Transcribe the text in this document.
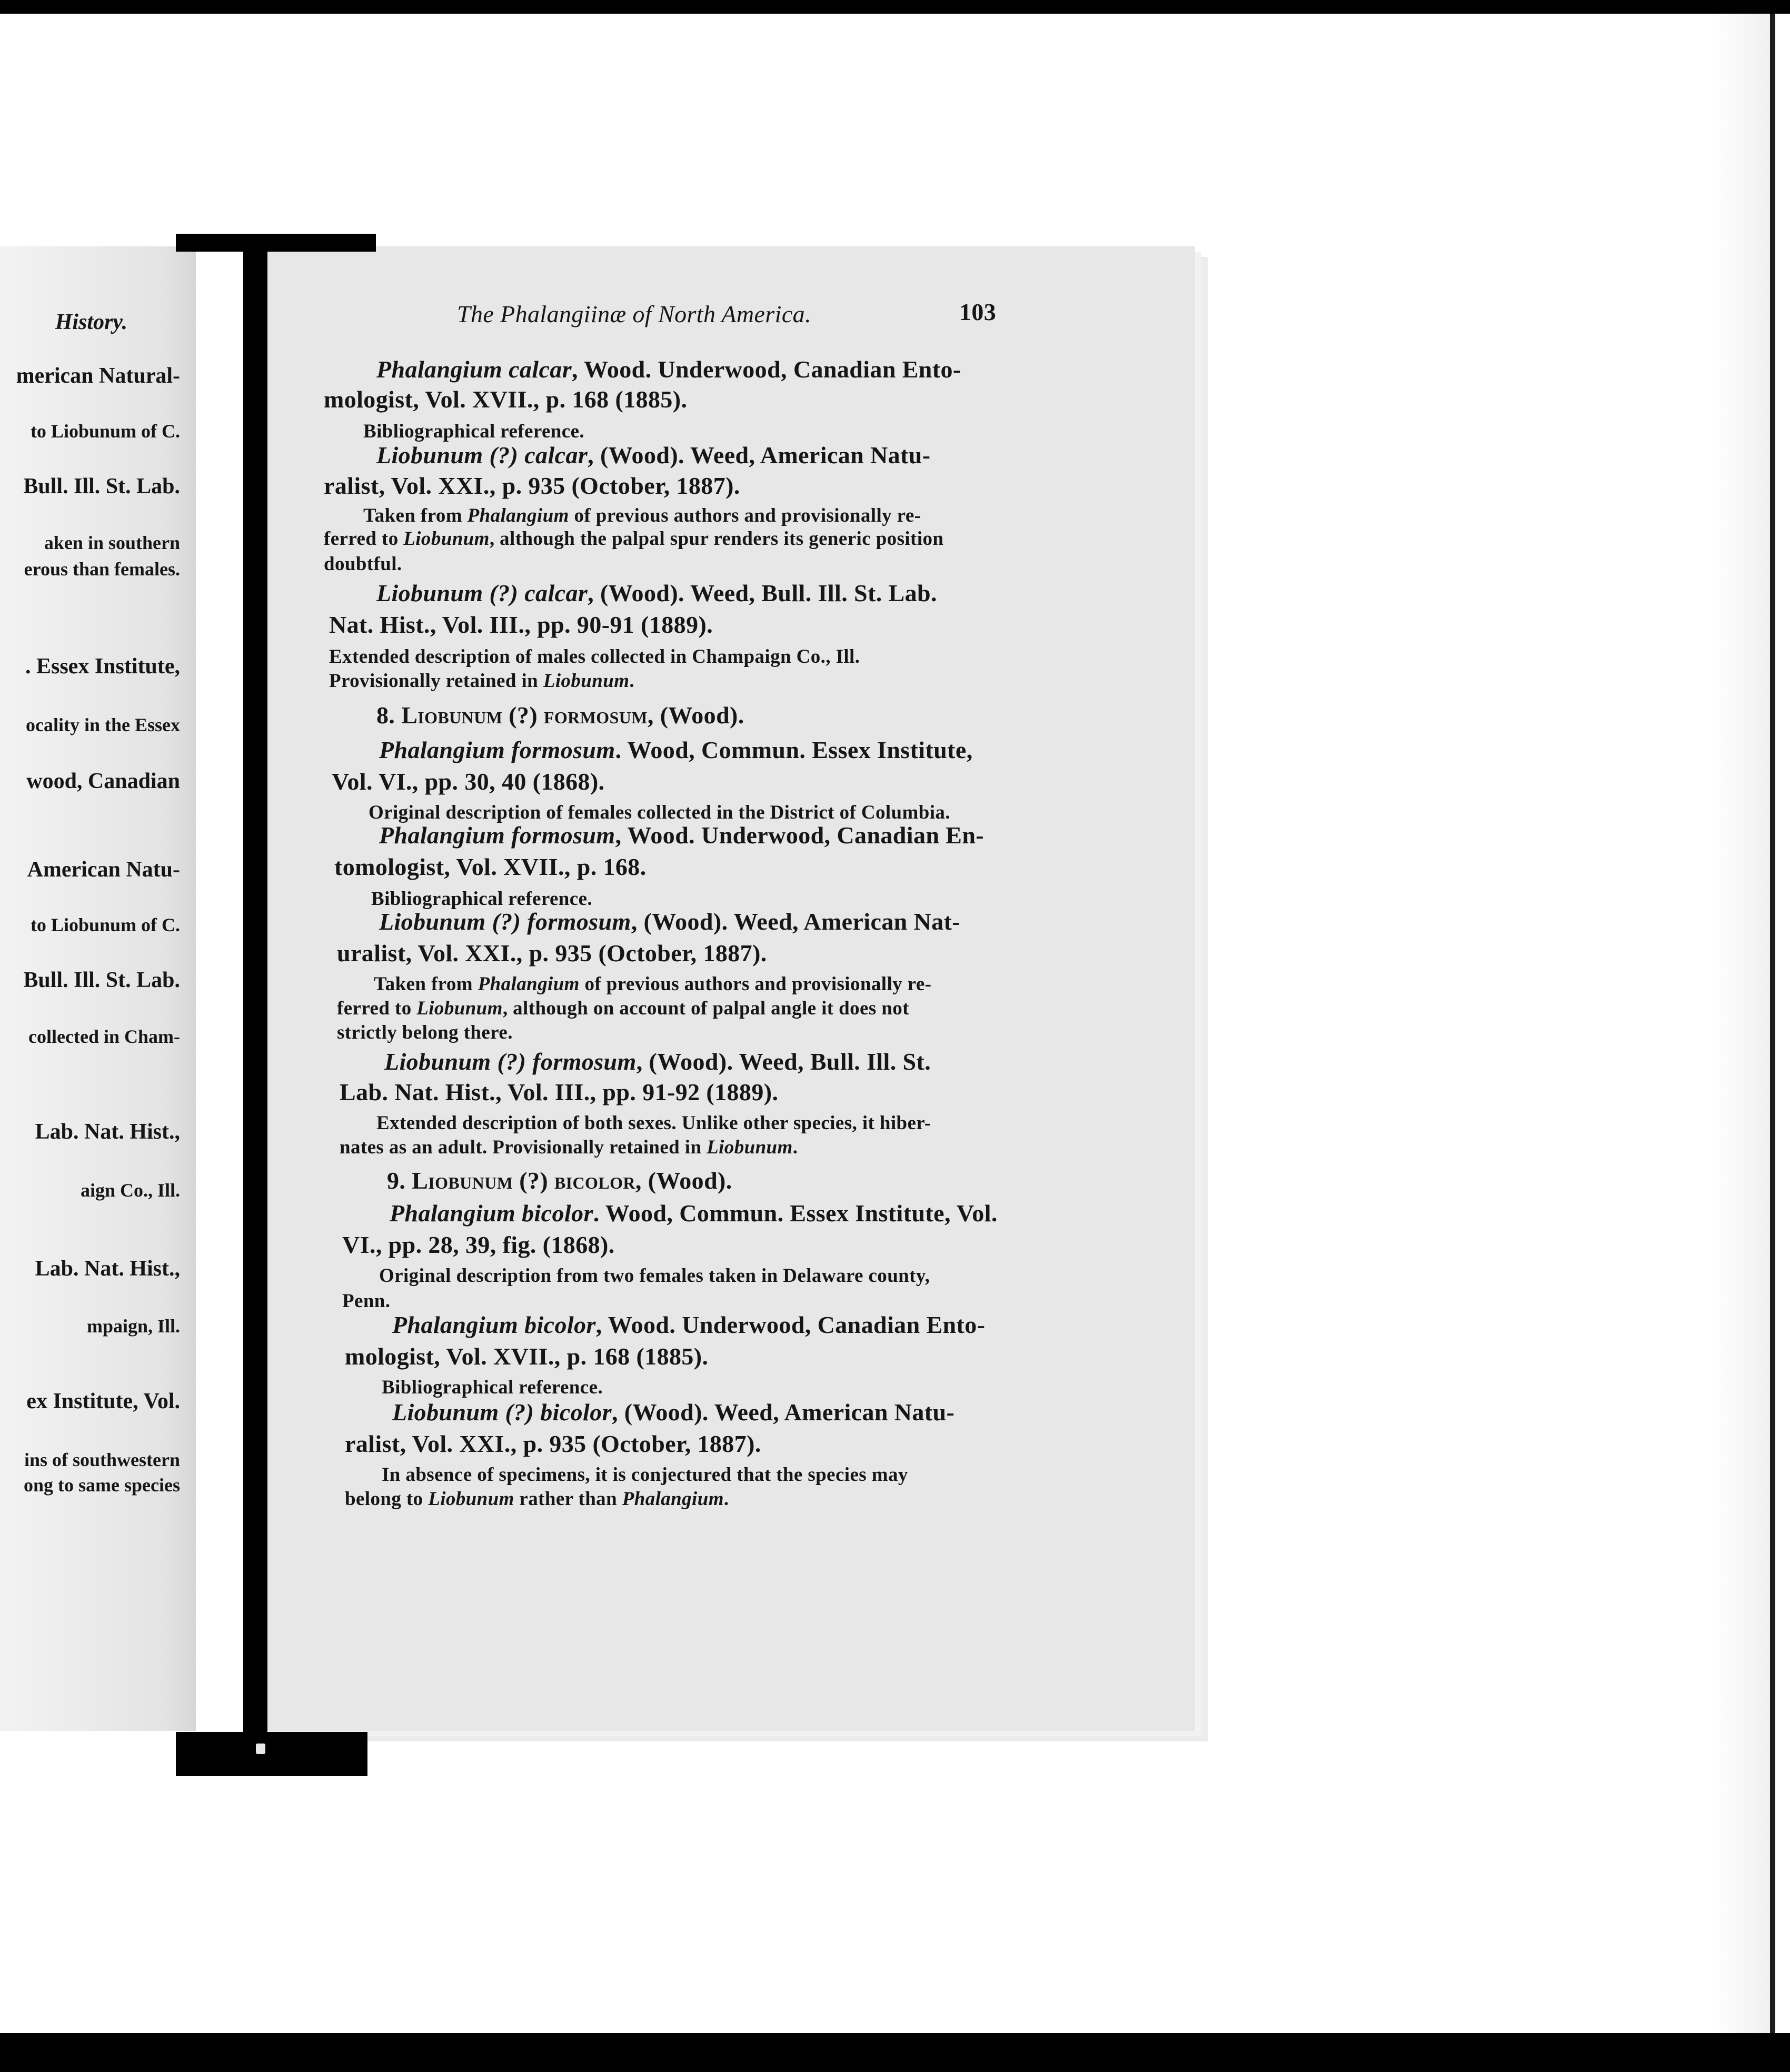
History.	The Phalangiinæ of North America.	103
Phalangium calcar, Wood. Underwood, Canadian Ento-
mologist, Vol. XVII., p. 168 (1885).
Bibliographical reference.
Liobunum (?) calcar, (Wood). Weed, American Natu-
ralist, Vol. XXI., p. 935 (October, 1887).
Taken from Phalangium of previous authors and provisionally re-
ferred to Liobunum, although the palpal spur renders its generic position
doubtful.
Liobunum (?) calcar, (Wood). Weed, Bull. Ill. St. Lab.
Nat. Hist., Vol. III., pp. 90-91 (1889).
Extended description of males collected in Champaign Co., Ill.
Provisionally retained in Liobunum.
8. Liobunum (?) formosum, (Wood).
Phalangium formosum. Wood, Commun. Essex Institute,
Vol. VI., pp. 30, 40 (1868).
Original description of females collected in the District of Columbia.
Phalangium formosum, Wood. Underwood, Canadian En-
tomologist, Vol. XVII., p. 168.
Bibliographical reference.
Liobunum (?) formosum, (Wood). Weed, American Nat-
uralist, Vol. XXI., p. 935 (October, 1887).
Taken from Phalangium of previous authors and provisionally re-
ferred to Liobunum, although on account of palpal angle it does not
strictly belong there.
Liobunum (?) formosum, (Wood). Weed, Bull. Ill. St.
Lab. Nat. Hist., Vol. III., pp. 91-92 (1889).
Extended description of both sexes. Unlike other species, it hiber-
nates as an adult. Provisionally retained in Liobunum.
9. Liobunum (?) bicolor, (Wood).
Phalangium bicolor. Wood, Commun. Essex Institute, Vol.
VI., pp. 28, 39, fig. (1868).
Original description from two females taken in Delaware county,
Penn.
Phalangium bicolor, Wood. Underwood, Canadian Ento-
mologist, Vol. XVII., p. 168 (1885).
Bibliographical reference.
Liobunum (?) bicolor, (Wood). Weed, American Natu-
ralist, Vol. XXI., p. 935 (October, 1887).
In absence of specimens, it is conjectured that the species may
belong to Liobunum rather than Phalangium.
merican Natural-
to Liobunum of C.
Bull. Ill. St. Lab.
aken in southern
erous than females.
. Essex Institute,
ocality in the Essex
wood, Canadian
American Natu-
to Liobunum of C.
Bull. Ill. St. Lab.
collected in Cham-
Lab. Nat. Hist.,
aign Co., Ill.
Lab. Nat. Hist.,
mpaign, Ill.
ex Institute, Vol.
ins of southwestern
ong to same species
